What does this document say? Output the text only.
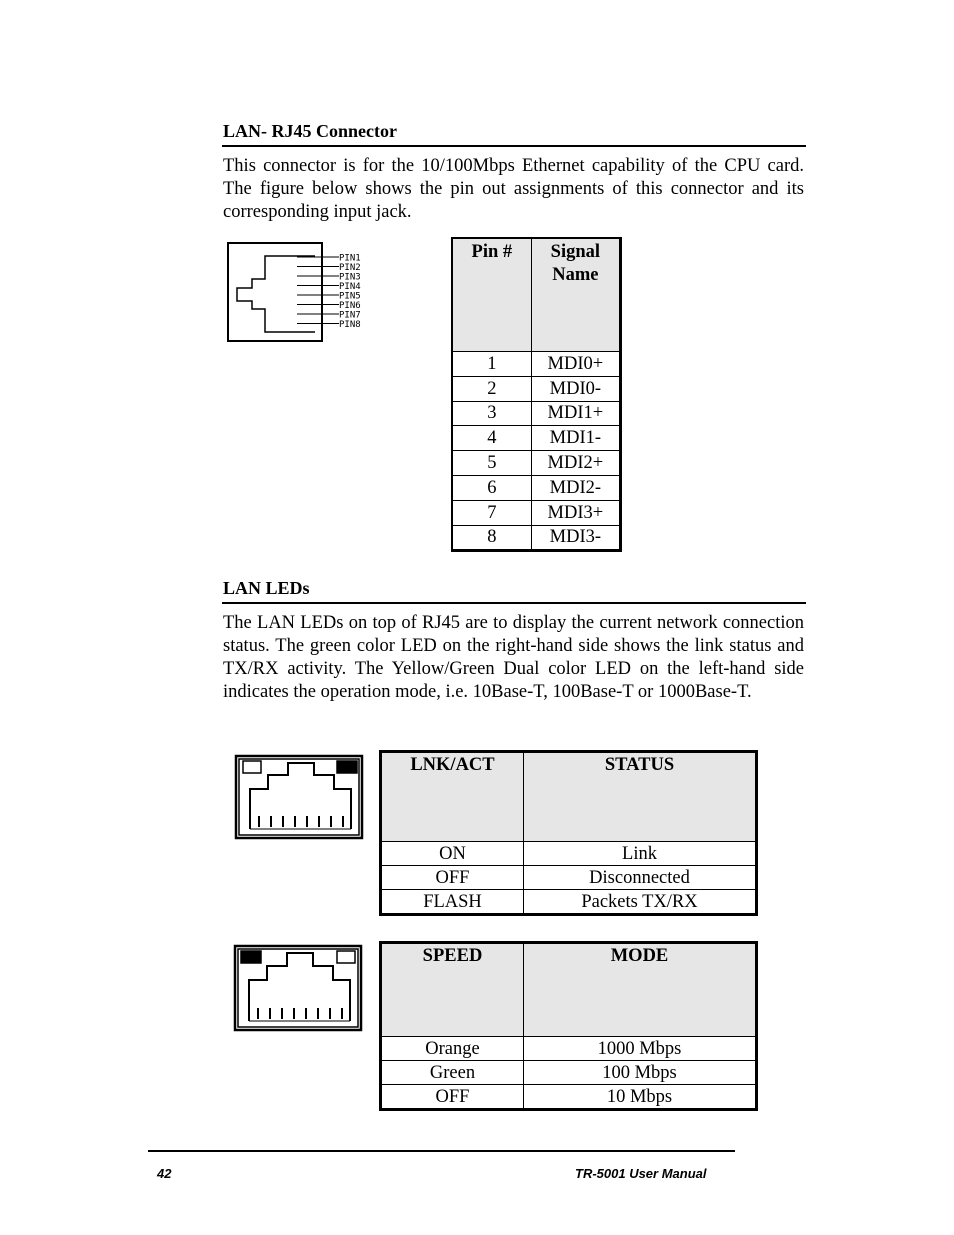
LAN- RJ45 Connector
This connector is for the 10/100Mbps Ethernet capability of the CPU card. The figure below shows the pin out assignments of this connector and its corresponding input jack.
PIN1
PIN2
PIN3
PIN4
PIN5
PIN6
PIN7
PIN8
Pin #	Signal Name
1	MDI0+
2	MDI0-
3	MDI1+
4	MDI1-
5	MDI2+
6	MDI2-
7	MDI3+
8	MDI3-
LAN LEDs
The LAN LEDs on top of RJ45 are to display the current network connection status. The green color LED on the right-hand side shows the link status and TX/RX activity. The Yellow/Green Dual color LED on the left-hand side indicates the operation mode, i.e. 10Base-T, 100Base-T or 1000Base-T.
LNK/ACT	STATUS
ON	Link
OFF	Disconnected
FLASH	Packets TX/RX
SPEED	MODE
Orange	1000 Mbps
Green	100 Mbps
OFF	10 Mbps
42	TR-5001 User Manual
